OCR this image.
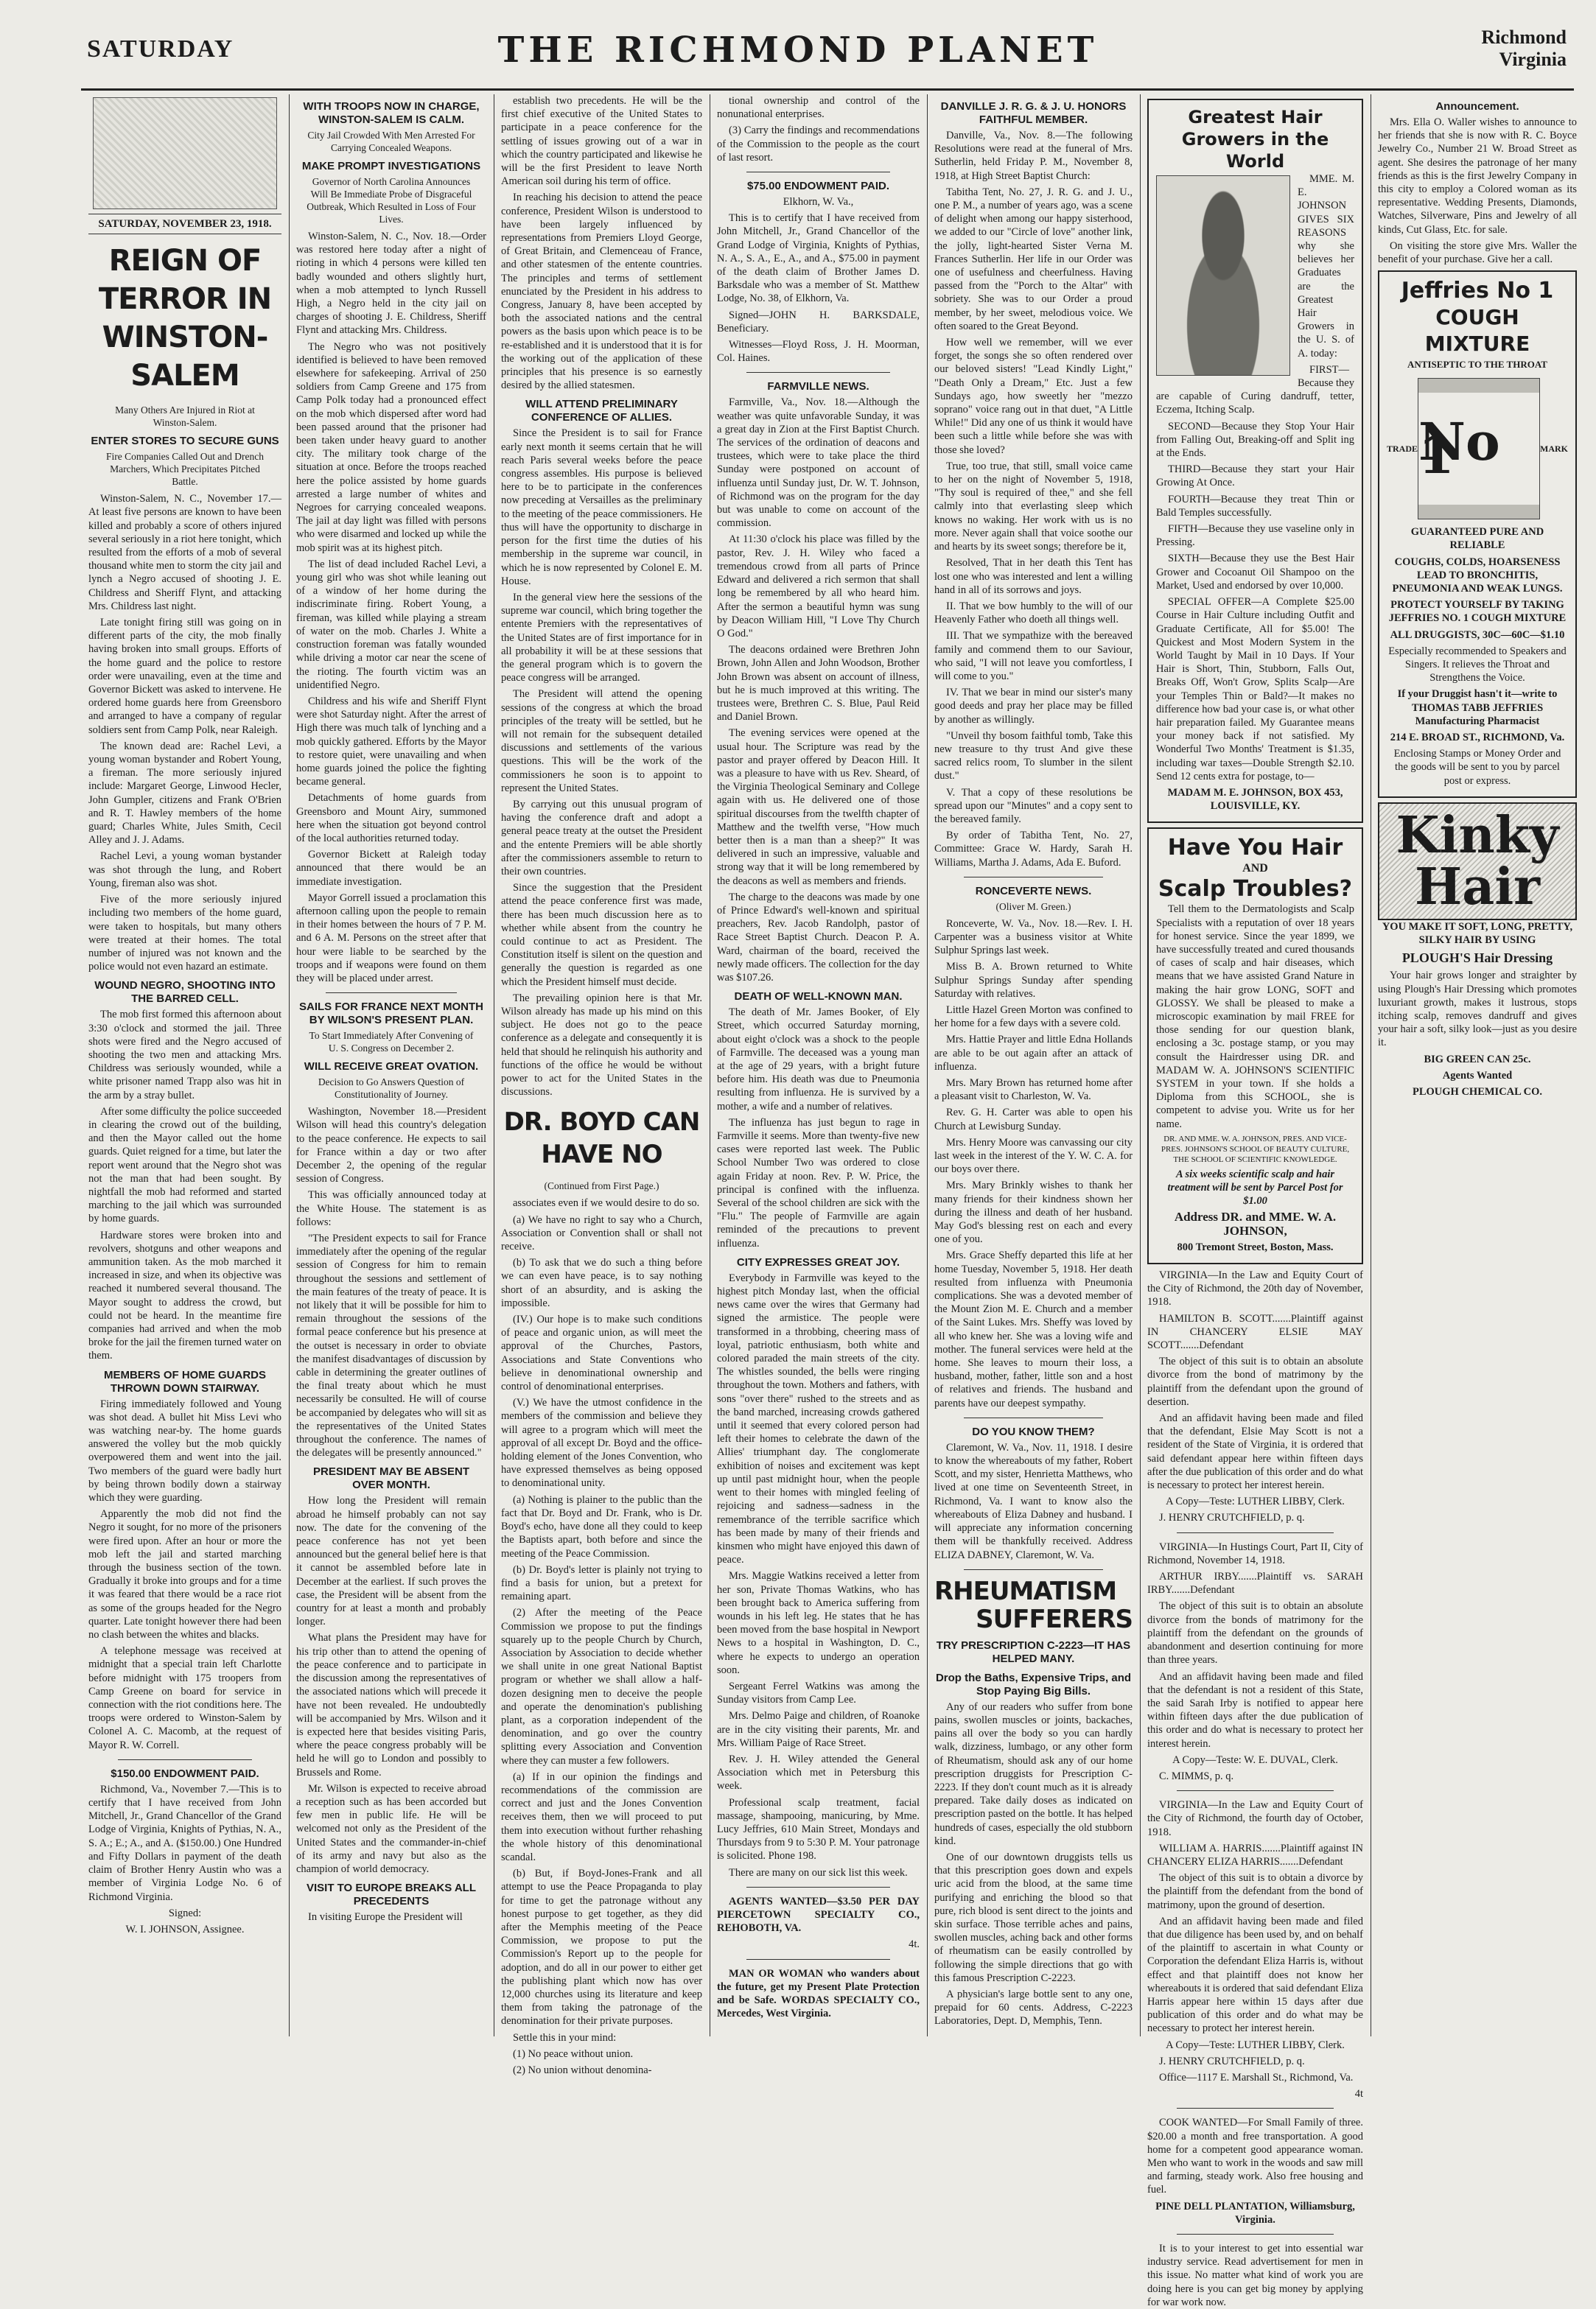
SATURDAY	THE RICHMOND PLANET	Richmond
Virginia
SATURDAY, NOVEMBER 23, 1918.
REIGN OF TERROR IN WINSTON-SALEM

Many Others Are Injured in Riot at Winston-Salem.

ENTER STORES TO SECURE GUNS

Fire Companies Called Out and Drench Marchers, Which Precipitates Pitched Battle.

Winston-Salem, N. C., November 17.—At least five persons are known to have been killed and probably a score of others injured several seriously in a riot here tonight, which resulted from the efforts of a mob of several thousand white men to storm the city jail and lynch a Negro accused of shooting J. E. Childress and Sheriff Flynt, and attacking Mrs. Childress last night.

Late tonight firing still was going on in different parts of the city, the mob finally having broken into small groups. Efforts of the home guard and the police to restore order were unavailing, even at the time and Governor Bickett was asked to intervene. He ordered home guards here from Greensboro and arranged to have a company of regular soldiers sent from Camp Polk, near Raleigh.

The known dead are: Rachel Levi, a young woman bystander and Robert Young, a fireman. The more seriously injured include: Margaret George, Linwood Hecler, John Gumpler, citizens and Frank O'Brien and R. T. Hawley members of the home guard; Charles White, Jules Smith, Cecil Alley and J. J. Adams.

Rachel Levi, a young woman bystander was shot through the lung, and Robert Young, fireman also was shot.

Five of the more seriously injured including two members of the home guard, were taken to hospitals, but many others were treated at their homes. The total number of injured was not known and the police would not even hazard an estimate.

WOUND NEGRO, SHOOTING INTO THE BARRED CELL.

The mob first formed this afternoon about 3:30 o'clock and stormed the jail. Three shots were fired and the Negro accused of shooting the two men and attacking Mrs. Childress was seriously wounded, while a white prisoner named Trapp also was hit in the arm by a stray bullet.

After some difficulty the police succeeded in clearing the crowd out of the building, and then the Mayor called out the home guards. Quiet reigned for a time, but later the report went around that the Negro shot was not the man that had been sought. By nightfall the mob had reformed and started marching to the jail which was surrounded by home guards.

Hardware stores were broken into and revolvers, shotguns and other weapons and ammunition taken. As the mob marched it increased in size, and when its objective was reached it numbered several thousand. The Mayor sought to address the crowd, but could not be heard. In the meantime fire companies had arrived and when the mob broke for the jail the firemen turned water on them.

MEMBERS OF HOME GUARDS THROWN DOWN STAIRWAY.

Firing immediately followed and Young was shot dead. A bullet hit Miss Levi who was watching near-by. The home guards answered the volley but the mob quickly overpowered them and went into the jail. Two members of the guard were badly hurt by being thrown bodily down a stairway which they were guarding.

Apparently the mob did not find the Negro it sought, for no more of the prisoners were fired upon. After an hour or more the mob left the jail and started marching through the business section of the town. Gradually it broke into groups and for a time it was feared that there would be a race riot as some of the groups headed for the Negro quarter. Late tonight however there had been no clash between the whites and blacks.

A telephone message was received at midnight that a special train left Charlotte before midnight with 175 troopers from Camp Greene on board for service in connection with the riot conditions here. The troops were ordered to Winston-Salem by Colonel A. C. Macomb, at the request of Mayor R. W. Correll.

$150.00 ENDOWMENT PAID.

Richmond, Va., November 7.—This is to certify that I have received from John Mitchell, Jr., Grand Chancellor of the Grand Lodge of Virginia, Knights of Pythias, N. A., S. A.; E.; A., and A. ($150.00.) One Hundred and Fifty Dollars in payment of the death claim of Brother Henry Austin who was a member of Virginia Lodge No. 6 of Richmond Virginia.

Signed:

W. I. JOHNSON, Assignee.

WITH TROOPS NOW IN CHARGE, WINSTON-SALEM IS CALM.

City Jail Crowded With Men Arrested For Carrying Concealed Weapons.

MAKE PROMPT INVESTIGATIONS

Governor of North Carolina Announces Will Be Immediate Probe of Disgraceful Outbreak, Which Resulted in Loss of Four Lives.

Winston-Salem, N. C., Nov. 18.—Order was restored here today after a night of rioting in which 4 persons were killed ten badly wounded and others slightly hurt, when a mob attempted to lynch Russell High, a Negro held in the city jail on charges of shooting J. E. Childress, Sheriff Flynt and attacking Mrs. Childress.

The Negro who was not positively identified is believed to have been removed elsewhere for safekeeping. Arrival of 250 soldiers from Camp Greene and 175 from Camp Polk today had a pronounced effect on the mob which dispersed after word had been passed around that the prisoner had been taken under heavy guard to another city. The military took charge of the situation at once. Before the troops reached here the police assisted by home guards arrested a large number of whites and Negroes for carrying concealed weapons. The jail at day light was filled with persons who were disarmed and locked up while the mob spirit was at its highest pitch.

The list of dead included Rachel Levi, a young girl who was shot while leaning out of a window of her home during the indiscriminate firing. Robert Young, a fireman, was killed while playing a stream of water on the mob. Charles J. White a construction foreman was fatally wounded while driving a motor car near the scene of the rioting. The fourth victim was an unidentified Negro.

Childress and his wife and Sheriff Flynt were shot Saturday night. After the arrest of High there was much talk of lynching and a mob quickly gathered. Efforts by the Mayor to restore quiet, were unavailing and when home guards joined the police the fighting became general.

Detachments of home guards from Greensboro and Mount Airy, summoned here when the situation got beyond control of the local authorities returned today.

Governor Bickett at Raleigh today announced that there would be an immediate investigation.

Mayor Gorrell issued a proclamation this afternoon calling upon the people to remain in their homes between the hours of 7 P. M. and 6 A. M. Persons on the street after that hour were liable to be searched by the troops and if weapons were found on them they will be placed under arrest.

SAILS FOR FRANCE NEXT MONTH BY WILSON'S PRESENT PLAN.

To Start Immediately After Convening of U. S. Congress on December 2.

WILL RECEIVE GREAT OVATION.

Decision to Go Answers Question of Constitutionality of Journey.

Washington, November 18.—President Wilson will head this country's delegation to the peace conference. He expects to sail for France within a day or two after December 2, the opening of the regular session of Congress.

This was officially announced today at the White House. The statement is as follows:

"The President expects to sail for France immediately after the opening of the regular session of Congress for him to remain throughout the sessions and settlement of the main features of the treaty of peace. It is not likely that it will be possible for him to remain throughout the sessions of the formal peace conference but his presence at the outset is necessary in order to obviate the manifest disadvantages of discussion by cable in determining the greater outlines of the final treaty about which he must necessarily be consulted. He will of course be accompanied by delegates who will sit as the representatives of the United States throughout the conference. The names of the delegates will be presently announced."

PRESIDENT MAY BE ABSENT OVER MONTH.

How long the President will remain abroad he himself probably can not say now. The date for the convening of the peace conference has not yet been announced but the general belief here is that it cannot be assembled before late in December at the earliest. If such proves the case, the President will be absent from the country for at least a month and probably longer.

What plans the President may have for his trip other than to attend the opening of the peace conference and to participate in the discussion among the representatives of the associated nations which will precede it have not been revealed. He undoubtedly will be accompanied by Mrs. Wilson and it is expected here that besides visiting Paris, where the peace congress probably will be held he will go to London and possibly to Brussels and Rome.

Mr. Wilson is expected to receive abroad a reception such as has been accorded but few men in public life. He will be welcomed not only as the President of the United States and the commander-in-chief of its army and navy but also as the champion of world democracy.

VISIT TO EUROPE BREAKS ALL PRECEDENTS

In visiting Europe the President will

establish two precedents. He will be the first chief executive of the United States to participate in a peace conference for the settling of issues growing out of a war in which the country participated and likewise he will be the first President to leave North American soil during his term of office.

In reaching his decision to attend the peace conference, President Wilson is understood to have been largely influenced by representations from Premiers Lloyd George, of Great Britain, and Clemenceau of France, and other statesmen of the entente countries. The principles and terms of settlement enunciated by the President in his address to Congress, January 8, have been accepted by both the associated nations and the central powers as the basis upon which peace is to be re-established and it is understood that it is for the working out of the application of these principles that his presence is so earnestly desired by the allied statesmen.

WILL ATTEND PRELIMINARY CONFERENCE OF ALLIES.

Since the President is to sail for France early next month it seems certain that he will reach Paris several weeks before the peace congress assembles. His purpose is believed here to be to participate in the conferences now preceding at Versailles as the preliminary to the meeting of the peace commissioners. He thus will have the opportunity to discharge in person for the first time the duties of his membership in the supreme war council, in which he is now represented by Colonel E. M. House.

In the general view here the sessions of the supreme war council, which bring together the entente Premiers with the representatives of the United States are of first importance for in all probability it will be at these sessions that the general program which is to govern the peace congress will be arranged.

The President will attend the opening sessions of the congress at which the broad principles of the treaty will be settled, but he will not remain for the subsequent detailed discussions and settlements of the various questions. This will be the work of the commissioners he soon is to appoint to represent the United States.

By carrying out this unusual program of having the conference draft and adopt a general peace treaty at the outset the President and the entente Premiers will be able shortly after the commissioners assemble to return to their own countries.

Since the suggestion that the President attend the peace conference first was made, there has been much discussion here as to whether while absent from the country he could continue to act as President. The Constitution itself is silent on the question and generally the question is regarded as one which the President himself must decide.

The prevailing opinion here is that Mr. Wilson already has made up his mind on this subject. He does not go to the peace conference as a delegate and consequently it is held that should he relinquish his authority and functions of the office he would be without power to act for the United States in the discussions.

DR. BOYD CAN HAVE NO

(Continued from First Page.)

associates even if we would desire to do so.

(a) We have no right to say who a Church, Association or Convention shall or shall not receive.

(b) To ask that we do such a thing before we can even have peace, is to say nothing short of an absurdity, and is asking the impossible.

(IV.) Our hope is to make such conditions of peace and organic union, as will meet the approval of the Churches, Pastors, Associations and State Conventions who believe in denominational ownership and control of denominational enterprises.

(V.) We have the utmost confidence in the members of the commission and believe they will agree to a program which will meet the approval of all except Dr. Boyd and the office-holding element of the Jones Convention, who have expressed themselves as being opposed to denominational unity.

(a) Nothing is plainer to the public than the fact that Dr. Boyd and Dr. Frank, who is Dr. Boyd's echo, have done all they could to keep the Baptists apart, both before and since the meeting of the Peace Commission.

(b) Dr. Boyd's letter is plainly not trying to find a basis for union, but a pretext for remaining apart.

(2) After the meeting of the Peace Commission we propose to put the findings squarely up to the people Church by Church, Association by Association to decide whether we shall unite in one great National Baptist program or whether we shall allow a half-dozen designing men to deceive the people and operate the denomination's publishing plant, as a corporation independent of the denomination, and go over the country splitting every Association and Convention where they can muster a few followers.

(a) If in our opinion the findings and recommendations of the commission are correct and just and the Jones Convention receives them, then we will proceed to put them into execution without further rehashing the whole history of this denominational scandal.

(b) But, if Boyd-Jones-Frank and all attempt to use the Peace Propaganda to play for time to get the patronage without any honest purpose to get together, as they did after the Memphis meeting of the Peace Commission, we propose to put the Commission's Report up to the people for adoption, and do all in our power to either get the publishing plant which now has over 12,000 churches using its literature and keep them from taking the patronage of the denomination for their private purposes.

Settle this in your mind:

(1) No peace without union.

(2) No union without denomina-

tional ownership and control of the nonunational enterprises.

(3) Carry the findings and recommendations of the Commission to the people as the court of last resort.

$75.00 ENDOWMENT PAID.

Elkhorn, W. Va.,

This is to certify that I have received from John Mitchell, Jr., Grand Chancellor of the Grand Lodge of Virginia, Knights of Pythias, N. A., S. A., E., A., and A., $75.00 in payment of the death claim of Brother James D. Barksdale who was a member of St. Matthew Lodge, No. 38, of Elkhorn, Va.

Signed—JOHN H. BARKSDALE, Beneficiary.

Witnesses—Floyd Ross, J. H. Moorman, Col. Haines.

FARMVILLE NEWS.

Farmville, Va., Nov. 18.—Although the weather was quite unfavorable Sunday, it was a great day in Zion at the First Baptist Church. The services of the ordination of deacons and trustees, which were to take place the third Sunday were postponed on account of influenza until Sunday just, Dr. W. T. Johnson, of Richmond was on the program for the day but was unable to come on account of the commission.

At 11:30 o'clock his place was filled by the pastor, Rev. J. H. Wiley who faced a tremendous crowd from all parts of Prince Edward and delivered a rich sermon that shall long be remembered by all who heard him. After the sermon a beautiful hymn was sung by Deacon William Hill, "I Love Thy Church O God."

The deacons ordained were Brethren John Brown, John Allen and John Woodson, Brother John Brown was absent on account of illness, but he is much improved at this writing. The trustees were, Brethren C. S. Blue, Paul Reid and Daniel Brown.

The evening services were opened at the usual hour. The Scripture was read by the pastor and prayer offered by Deacon Hill. It was a pleasure to have with us Rev. Sheard, of the Virginia Theological Seminary and College again with us. He delivered one of those spiritual discourses from the twelfth chapter of Matthew and the twelfth verse, "How much better then is a man than a sheep?" It was delivered in such an impressive, valuable and strong way that it will be long remembered by the deacons as well as members and friends.

The charge to the deacons was made by one of Prince Edward's well-known and spiritual preachers, Rev. Jacob Randolph, pastor of Race Street Baptist Church. Deacon P. A. Ward, chairman of the board, received the newly made officers. The collection for the day was $107.26.

DEATH OF WELL-KNOWN MAN.

The death of Mr. James Booker, of Ely Street, which occurred Saturday morning, about eight o'clock was a shock to the people of Farmville. The deceased was a young man at the age of 29 years, with a bright future before him. His death was due to Pneumonia resulting from influenza. He is survived by a mother, a wife and a number of relatives.

The influenza has just begun to rage in Farmville it seems. More than twenty-five new cases were reported last week. The Public School Number Two was ordered to close again Friday at noon. Rev. P. W. Price, the principal is confined with the influenza. Several of the school children are sick with the "Flu." The people of Farmville are again reminded of the precautions to prevent influenza.

CITY EXPRESSES GREAT JOY.

Everybody in Farmville was keyed to the highest pitch Monday last, when the official news came over the wires that Germany had signed the armistice. The people were transformed in a throbbing, cheering mass of loyal, patriotic enthusiasm, both white and colored paraded the main streets of the city. The whistles sounded, the bells were ringing throughout the town. Mothers and fathers, with sons "over there" rushed to the streets and as the band marched, increasing crowds gathered until it seemed that every colored person had left their homes to celebrate the dawn of the Allies' triumphant day. The conglomerate exhibition of noises and excitement was kept up until past midnight hour, when the people went to their homes with mingled feeling of rejoicing and sadness—sadness in the remembrance of the terrible sacrifice which has been made by many of their friends and kinsmen who might have enjoyed this dawn of peace.

Mrs. Maggie Watkins received a letter from her son, Private Thomas Watkins, who has been brought back to America suffering from wounds in his left leg. He states that he has been moved from the base hospital in Newport News to a hospital in Washington, D. C., where he expects to undergo an operation soon.

Sergeant Ferrel Watkins was among the Sunday visitors from Camp Lee.

Mrs. Delmo Paige and children, of Roanoke are in the city visiting their parents, Mr. and Mrs. William Paige of Race Street.

Rev. J. H. Wiley attended the General Association which met in Petersburg this week.

Professional scalp treatment, facial massage, shampooing, manicuring, by Mme. Lucy Jeffries, 610 Main Street, Mondays and Thursdays from 9 to 5:30 P. M. Your patronage is solicited. Phone 198.

There are many on our sick list this week.

AGENTS WANTED—$3.50 PER DAY PIERCETOWN SPECIALTY CO., REHOBOTH, VA.

4t.

MAN OR WOMAN who wanders about the future, get my Present Plate Protection and be Safe. WORDAS SPECIALTY CO., Mercedes, West Virginia.

DANVILLE J. R. G. & J. U. HONORS FAITHFUL MEMBER.

Danville, Va., Nov. 8.—The following Resolutions were read at the funeral of Mrs. Sutherlin, held Friday P. M., November 8, 1918, at High Street Baptist Church:

Tabitha Tent, No. 27, J. R. G. and J. U., one P. M., a number of years ago, was a scene of delight when among our happy sisterhood, we added to our "Circle of love" another link, the jolly, light-hearted Sister Verna M. Frances Sutherlin. Her life in our Order was one of usefulness and cheerfulness. Having passed from the "Porch to the Altar" with sobriety. She was to our Order a proud member, by her sweet, melodious voice. We often soared to the Great Beyond.

How well we remember, will we ever forget, the songs she so often rendered over our beloved sisters! "Lead Kindly Light," "Death Only a Dream," Etc. Just a few Sundays ago, how sweetly her "mezzo soprano" voice rang out in that duet, "A Little While!" Did any one of us think it would have been such a little while before she was with those she loved?

True, too true, that still, small voice came to her on the night of November 5, 1918, "Thy soul is required of thee," and she fell calmly into that everlasting sleep which knows no waking. Her work with us is no more. Never again shall that voice soothe our and hearts by its sweet songs; therefore be it,

Resolved, That in her death this Tent has lost one who was interested and lent a willing hand in all of its sorrows and joys.

II. That we bow humbly to the will of our Heavenly Father who doeth all things well.

III. That we sympathize with the bereaved family and commend them to our Saviour, who said, "I will not leave you comfortless, I will come to you."

IV. That we bear in mind our sister's many good deeds and pray her place may be filled by another as willingly.

"Unveil thy bosom faithful tomb, Take this new treasure to thy trust And give these sacred relics room, To slumber in the silent dust."

V. That a copy of these resolutions be spread upon our "Minutes" and a copy sent to the bereaved family.

By order of Tabitha Tent, No. 27, Committee: Grace W. Hardy, Sarah H. Williams, Martha J. Adams, Ada E. Buford.

RONCEVERTE NEWS.

(Oliver M. Green.)

Ronceverte, W. Va., Nov. 18.—Rev. I. H. Carpenter was a business visitor at White Sulphur Springs last week.

Miss B. A. Brown returned to White Sulphur Springs Sunday after spending Saturday with relatives.

Little Hazel Green Morton was confined to her home for a few days with a severe cold.

Mrs. Hattie Prayer and little Edna Hollands are able to be out again after an attack of influenza.

Mrs. Mary Brown has returned home after a pleasant visit to Charleston, W. Va.

Rev. G. H. Carter was able to open his Church at Lewisburg Sunday.

Mrs. Henry Moore was canvassing our city last week in the interest of the Y. W. C. A. for our boys over there.

Mrs. Mary Brinkly wishes to thank her many friends for their kindness shown her during the illness and death of her husband. May God's blessing rest on each and every one of you.

Mrs. Grace Sheffy departed this life at her home Tuesday, November 5, 1918. Her death resulted from influenza with Pneumonia complications. She was a devoted member of the Mount Zion M. E. Church and a member of the Saint Lukes. Mrs. Sheffy was loved by all who knew her. She was a loving wife and mother. The funeral services were held at the home. She leaves to mourn their loss, a husband, mother, father, little son and a host of relatives and friends. The husband and parents have our deepest sympathy.

DO YOU KNOW THEM?

Claremont, W. Va., Nov. 11, 1918. I desire to know the whereabouts of my father, Robert Scott, and my sister, Henrietta Matthews, who lived at one time on Seventeenth Street, in Richmond, Va. I want to know also the whereabouts of Eliza Dabney and husband. I will appreciate any information concerning them will be thankfully received. Address ELIZA DABNEY, Claremont, W. Va.

RHEUMATISM
SUFFERERS

TRY PRESCRIPTION C-2223—IT HAS HELPED MANY.

Drop the Baths, Expensive Trips, and Stop Paying Big Bills.

Any of our readers who suffer from bone pains, swollen muscles or joints, backaches, pains all over the body so you can hardly walk, dizziness, lumbago, or any other form of Rheumatism, should ask any of our home prescription druggists for Prescription C-2223. If they don't count much as it is already prepared. Take daily doses as indicated on prescription pasted on the bottle. It has helped hundreds of cases, especially the old stubborn kind.

One of our downtown druggists tells us that this prescription goes down and expels uric acid from the blood, at the same time purifying and enriching the blood so that pure, rich blood is sent direct to the joints and skin surface. Those terrible aches and pains, swollen muscles, aching back and other forms of rheumatism can be easily controlled by following the simple directions that go with this famous Prescription C-2223.

A physician's large bottle sent to any one, prepaid for 60 cents. Address, C-2223 Laboratories, Dept. D, Memphis, Tenn.

Greatest Hair Growers in the World

MME. M. E. JOHNSON GIVES SIX REASONS why she believes her Graduates are the Greatest Hair Growers in the U. S. of A. today:

FIRST—Because they are capable of Curing dandruff, tetter, Eczema, Itching Scalp.

SECOND—Because they Stop Your Hair from Falling Out, Breaking-off and Split ing at the Ends.

THIRD—Because they start your Hair Growing At Once.

FOURTH—Because they treat Thin or Bald Temples successfully.

FIFTH—Because they use vaseline only in Pressing.

SIXTH—Because they use the Best Hair Grower and Cocoanut Oil Shampoo on the Market, Used and endorsed by over 10,000.

SPECIAL OFFER—A Complete $25.00 Course in Hair Culture including Outfit and Graduate Certificate, All for $5.00! The Quickest and Most Modern System in the World Taught by Mail in 10 Days. If Your Hair is Short, Thin, Stubborn, Falls Out, Breaks Off, Won't Grow, Splits Scalp—Are your Temples Thin or Bald?—It makes no difference how bad your case is, or what other hair preparation failed. My Guarantee means your money back if not satisfied. My Wonderful Two Months' Treatment is $1.35, including war taxes—Double Strength $2.10. Send 12 cents extra for postage, to—

MADAM M. E. JOHNSON, BOX 453, LOUISVILLE, KY.

Have You Hair
AND
Scalp Troubles?

Tell them to the Dermatologists and Scalp Specialists with a reputation of over 18 years for honest service. Since the year 1899, we have successfully treated and cured thousands of cases of scalp and hair diseases, which means that we have assisted Grand Nature in making the hair grow LONG, SOFT and GLOSSY. We shall be pleased to make a microscopic examination by mail FREE for those sending for our question blank, enclosing a 3c. postage stamp, or you may consult the Hairdresser using DR. and MADAM W. A. JOHNSON'S SCIENTIFIC SYSTEM in your town. If she holds a Diploma from this SCHOOL, she is competent to advise you. Write us for her name.

DR. AND MME. W. A. JOHNSON, PRES. AND VICE-PRES. JOHNSON'S SCHOOL OF BEAUTY CULTURE, THE SCHOOL OF SCIENTIFIC KNOWLEDGE.

A six weeks scientific scalp and hair treatment will be sent by Parcel Post for $1.00

Address DR. and MME. W. A. JOHNSON,

800 Tremont Street, Boston, Mass.

VIRGINIA—In the Law and Equity Court of the City of Richmond, the 20th day of November, 1918.

HAMILTON B. SCOTT.......Plaintiff against IN CHANCERY ELSIE MAY SCOTT.......Defendant

The object of this suit is to obtain an absolute divorce from the bond of matrimony by the plaintiff from the defendant upon the ground of desertion.

And an affidavit having been made and filed that the defendant, Elsie May Scott is not a resident of the State of Virginia, it is ordered that said defendant appear here within fifteen days after the due publication of this order and do what is necessary to protect her interest herein.

A Copy—Teste: LUTHER LIBBY, Clerk.

J. HENRY CRUTCHFIELD, p. q.

VIRGINIA—In Hustings Court, Part II, City of Richmond, November 14, 1918.

ARTHUR IRBY.......Plaintiff vs. SARAH IRBY.......Defendant

The object of this suit is to obtain an absolute divorce from the bonds of matrimony for the plaintiff from the defendant on the grounds of abandonment and desertion continuing for more than three years.

And an affidavit having been made and filed that the defendant is not a resident of this State, the said Sarah Irby is notified to appear here within fifteen days after the due publication of this order and do what is necessary to protect her interest herein.

A Copy—Teste: W. E. DUVAL, Clerk.

C. MIMMS, p. q.

VIRGINIA—In the Law and Equity Court of the City of Richmond, the fourth day of October, 1918.

WILLIAM A. HARRIS.......Plaintiff against IN CHANCERY ELIZA HARRIS.......Defendant

The object of this suit is to obtain a divorce by the plaintiff from the defendant from the bond of matrimony, upon the ground of desertion.

And an affidavit having been made and filed that due diligence has been used by, and on behalf of the plaintiff to ascertain in what County or Corporation the defendant Eliza Harris is, without effect and that plaintiff does not know her whereabouts it is ordered that said defendant Eliza Harris appear here within 15 days after due publication of this order and do what may be necessary to protect her interest herein.

A Copy—Teste: LUTHER LIBBY, Clerk.

J. HENRY CRUTCHFIELD, p. q.

Office—1117 E. Marshall St., Richmond, Va.

4t

COOK WANTED—For Small Family of three. $20.00 a month and free transportation. A good home for a competent good appearance woman. Men who want to work in the woods and saw mill and farming, steady work. Also free housing and fuel.

PINE DELL PLANTATION, Williamsburg, Virginia.

It is to your interest to get into essential war industry service. Read advertisement for men in this issue. No matter what kind of work you are doing here is you can get big money by applying for war work now.

Announcement.

Mrs. Ella O. Waller wishes to announce to her friends that she is now with R. C. Boyce Jewelry Co., Number 21 W. Broad Street as agent. She desires the patronage of her many friends as this is the first Jewelry Company in this city to employ a Colored woman as its representative. Wedding Presents, Diamonds, Watches, Silverware, Pins and Jewelry of all kinds, Cut Glass, Etc. for sale.

On visiting the store give Mrs. Waller the benefit of your purchase. Give her a call.

Jeffries No 1
COUGH MIXTURE
ANTISEPTIC TO THE THROAT
TRADE No 1	MARK

GUARANTEED PURE AND RELIABLE

COUGHS, COLDS, HOARSENESS LEAD TO BRONCHITIS, PNEUMONIA AND WEAK LUNGS.

PROTECT YOURSELF BY TAKING JEFFRIES NO. 1 COUGH MIXTURE

ALL DRUGGISTS, 30C—60C—$1.10

Especially recommended to Speakers and Singers. It relieves the Throat and Strengthens the Voice.

If your Druggist hasn't it—write to THOMAS TABB JEFFRIES Manufacturing Pharmacist

214 E. BROAD ST., RICHMOND, Va.

Enclosing Stamps or Money Order and the goods will be sent to you by parcel post or express.

Kinky
Hair

YOU MAKE IT SOFT, LONG, PRETTY, SILKY HAIR BY USING

PLOUGH'S Hair Dressing

Your hair grows longer and straighter by using Plough's Hair Dressing which promotes luxuriant growth, makes it lustrous, stops itching scalp, removes dandruff and gives your hair a soft, silky look—just as you desire it.

BIG GREEN CAN 25c.

Agents Wanted

PLOUGH CHEMICAL CO.
